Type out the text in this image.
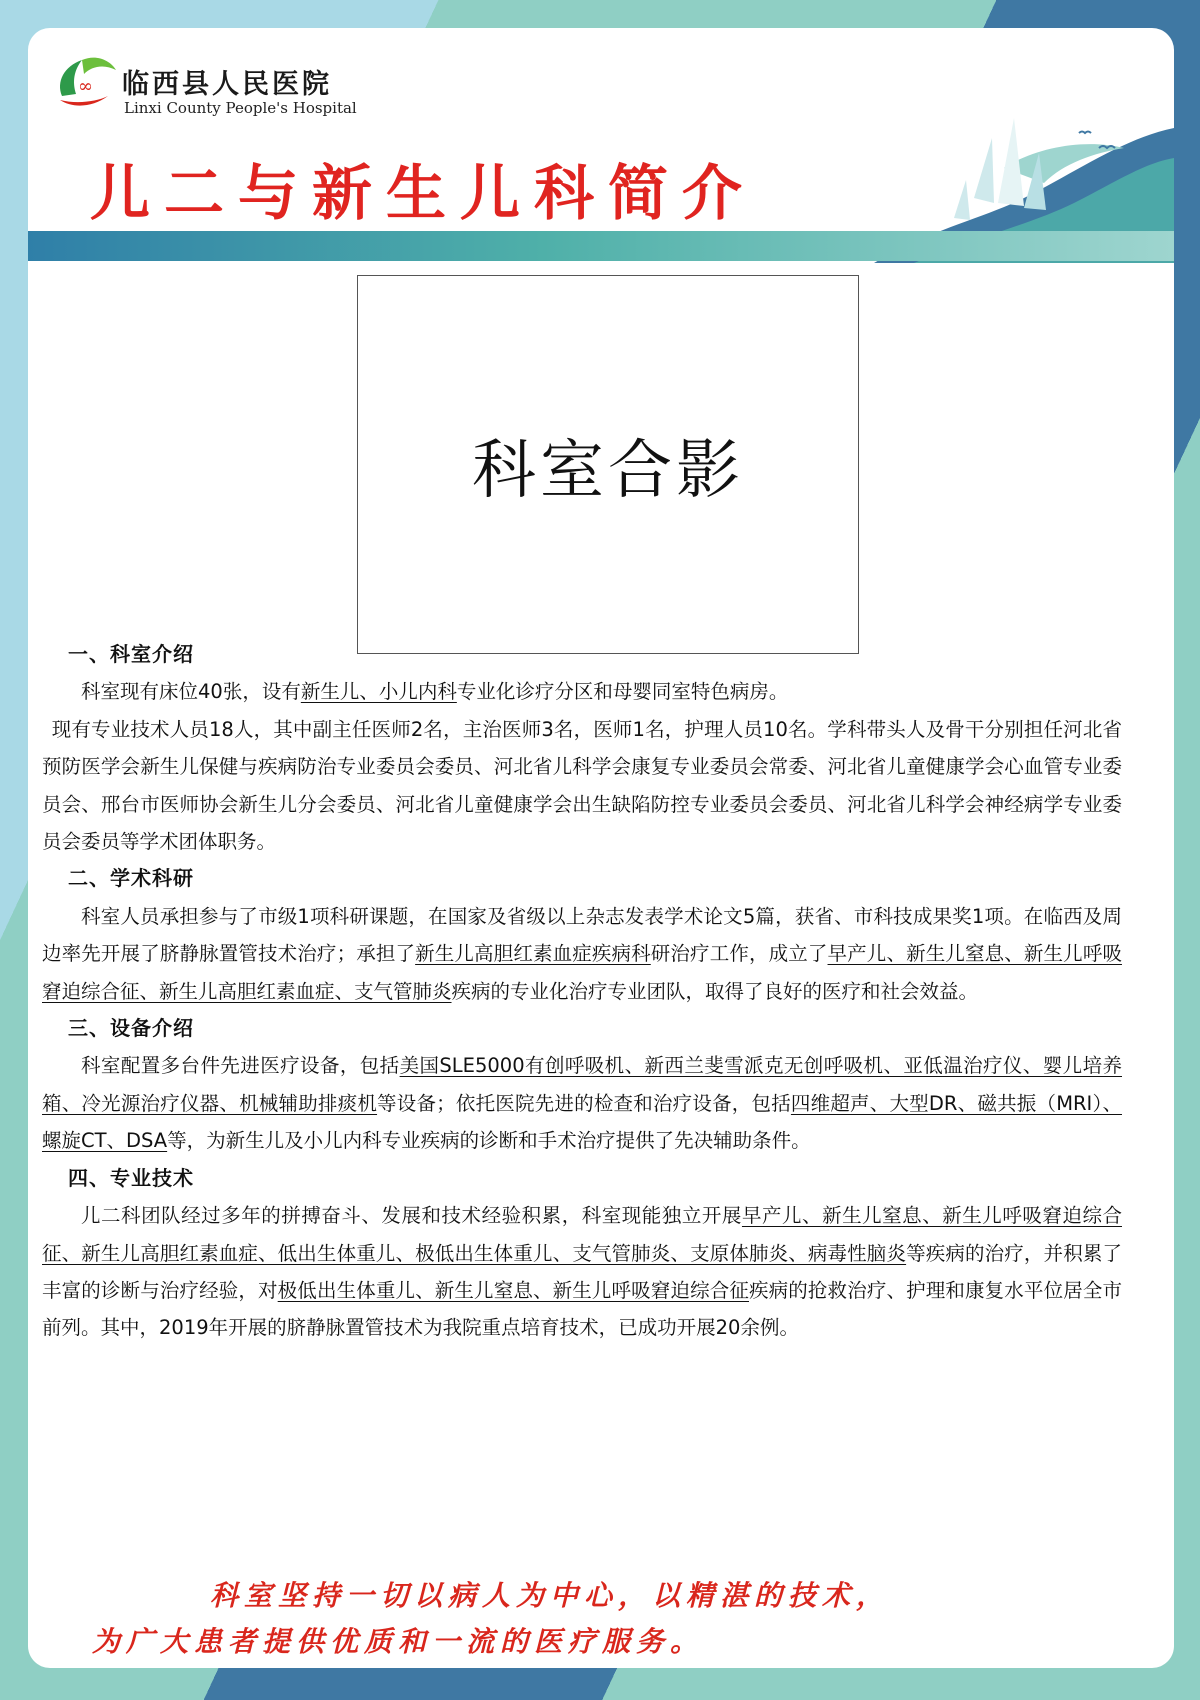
∞ 临西县人民医院
Linxi County People's Hospital
儿二与新生儿科简介
科室合影
一、科室介绍

科室现有床位40张，设有新生儿、小儿内科专业化诊疗分区和母婴同室特色病房。

现有专业技术人员18人，其中副主任医师2名，主治医师3名，医师1名，护理人员10名。学科带头人及骨干分别担任河北省预防医学会新生儿保健与疾病防治专业委员会委员、河北省儿科学会康复专业委员会常委、河北省儿童健康学会心血管专业委员会、邢台市医师协会新生儿分会委员、河北省儿童健康学会出生缺陷防控专业委员会委员、河北省儿科学会神经病学专业委员会委员等学术团体职务。

二、学术科研

科室人员承担参与了市级1项科研课题，在国家及省级以上杂志发表学术论文5篇，获省、市科技成果奖1项。在临西及周边率先开展了脐静脉置管技术治疗；承担了新生儿高胆红素血症疾病科研治疗工作，成立了早产儿、新生儿窒息、新生儿呼吸窘迫综合征、新生儿高胆红素血症、支气管肺炎疾病的专业化治疗专业团队，取得了良好的医疗和社会效益。

三、设备介绍

科室配置多台件先进医疗设备，包括美国SLE5000有创呼吸机、新西兰斐雪派克无创呼吸机、亚低温治疗仪、婴儿培养箱、冷光源治疗仪器、机械辅助排痰机等设备；依托医院先进的检查和治疗设备，包括四维超声、大型DR、磁共振（MRI）、螺旋CT、DSA等，为新生儿及小儿内科专业疾病的诊断和手术治疗提供了先决辅助条件。

四、专业技术

儿二科团队经过多年的拼搏奋斗、发展和技术经验积累，科室现能独立开展早产儿、新生儿窒息、新生儿呼吸窘迫综合征、新生儿高胆红素血症、低出生体重儿、极低出生体重儿、支气管肺炎、支原体肺炎、病毒性脑炎等疾病的治疗，并积累了丰富的诊断与治疗经验，对极低出生体重儿、新生儿窒息、新生儿呼吸窘迫综合征疾病的抢救治疗、护理和康复水平位居全市前列。其中，2019年开展的脐静脉置管技术为我院重点培育技术，已成功开展20余例。

科室坚持一切以病人为中心，以精湛的技术，
为广大患者提供优质和一流的医疗服务。
